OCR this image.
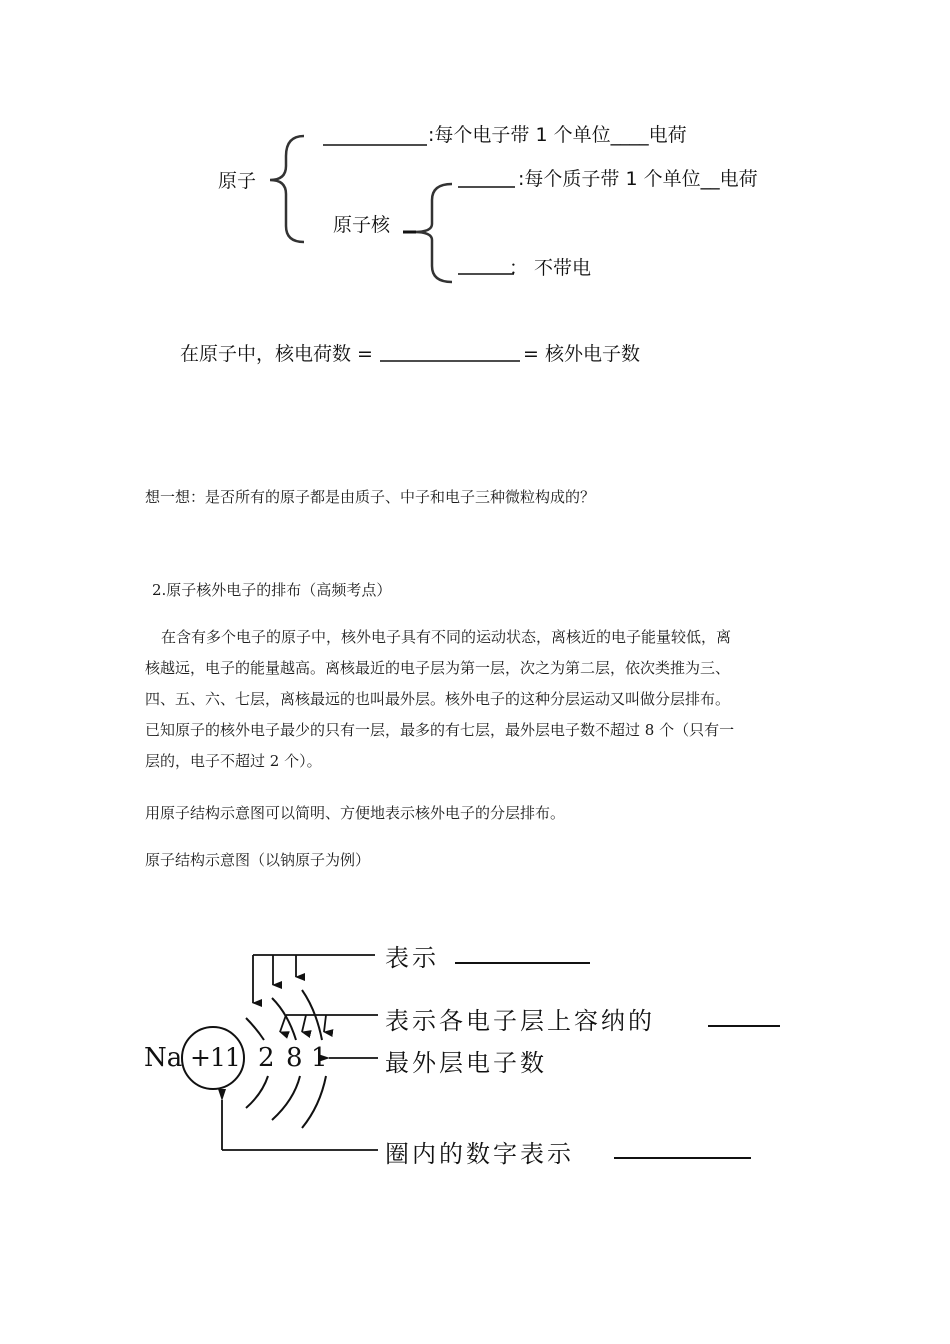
原子
:每个电子带 1 个单位____电荷
原子核
:每个质子带 1 个单位__电荷
： 不带电
在原子中，核电荷数 =	= 核外电子数
想一想：是否所有的原子都是由质子、中子和电子三种微粒构成的？
2.原子核外电子的排布（高频考点）
在含有多个电子的原子中，核外电子具有不同的运动状态，离核近的电子能量较低，离
核越远，电子的能量越高。离核最近的电子层为第一层，次之为第二层，依次类推为三、
四、五、六、七层，离核最远的也叫最外层。核外电子的这种分层运动又叫做分层排布。
已知原子的核外电子最少的只有一层，最多的有七层，最外层电子数不超过 8 个（只有一
层的，电子不超过 2 个）。
用原子结构示意图可以简明、方便地表示核外电子的分层排布。
原子结构示意图（以钠原子为例）
Na +11 2 8 1
表示
表示各电子层上容纳的
最外层电子数
圈内的数字表示
